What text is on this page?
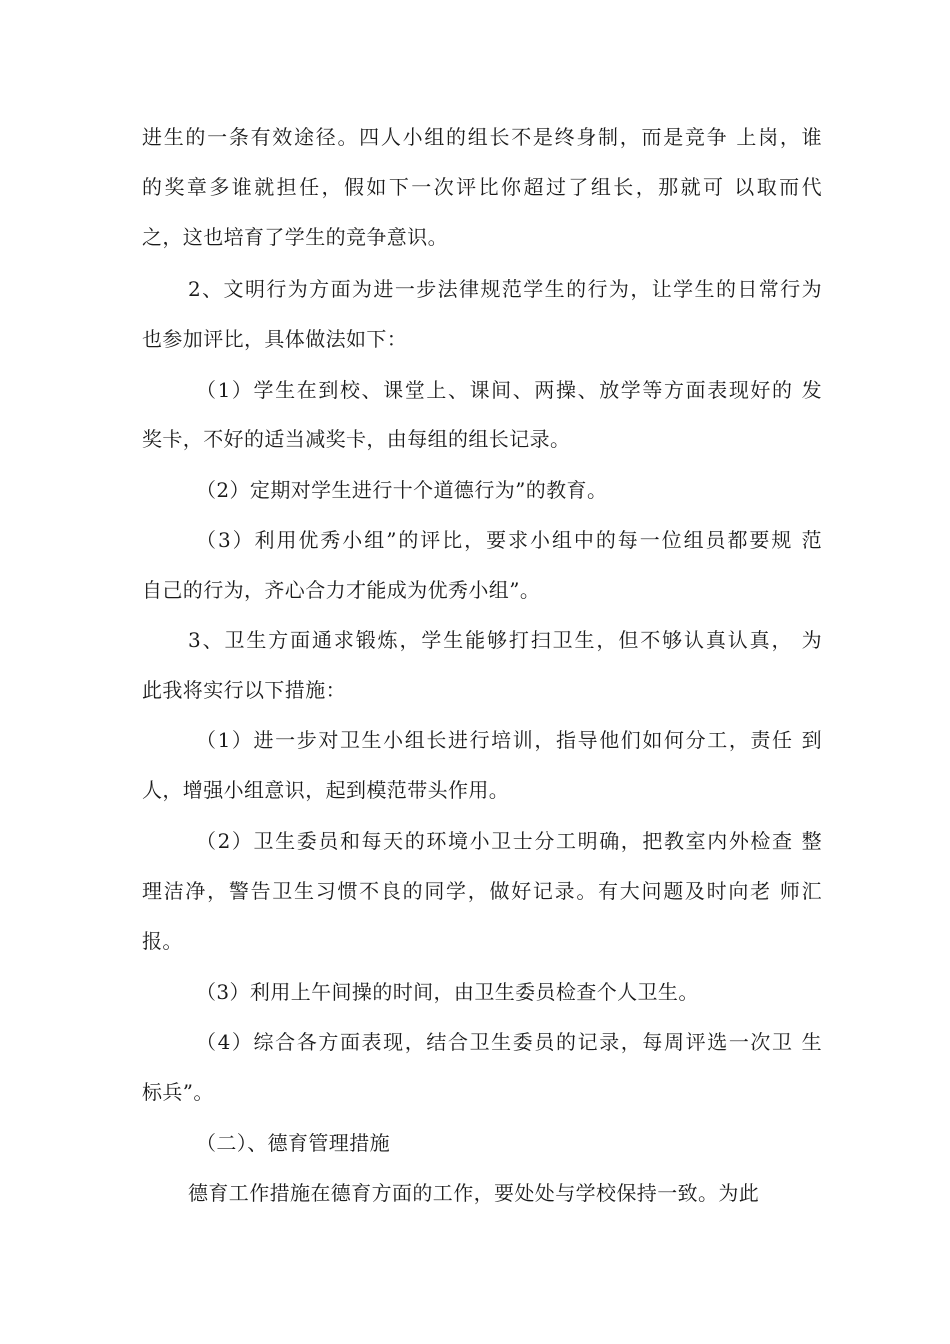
进生的一条有效途径。四人小组的组长不是终身制，而是竞争 上岗，谁
的奖章多谁就担任，假如下一次评比你超过了组长，那就可 以取而代
之，这也培育了学生的竞争意识。
2、文明行为方面为进一步法律规范学生的行为，让学生的日常行为
也参加评比，具体做法如下：
（1）学生在到校、课堂上、课间、两操、放学等方面表现好的 发
奖卡，不好的适当减奖卡，由每组的组长记录。
（2）定期对学生进行十个道德行为”的教育。
（3）利用优秀小组”的评比，要求小组中的每一位组员都要规 范
自己的行为，齐心合力才能成为优秀小组”。
3、卫生方面通求锻炼，学生能够打扫卫生，但不够认真认真， 为
此我将实行以下措施：
（1）进一步对卫生小组长进行培训，指导他们如何分工，责任 到
人，增强小组意识，起到模范带头作用。
（2）卫生委员和每天的环境小卫士分工明确，把教室内外检查 整
理洁净，警告卫生习惯不良的同学，做好记录。有大问题及时向老 师汇
报。
（3）利用上午间操的时间，由卫生委员检查个人卫生。
（4）综合各方面表现，结合卫生委员的记录，每周评选一次卫 生
标兵”。
（二）、德育管理措施
德育工作措施在德育方面的工作，要处处与学校保持一致。为此
